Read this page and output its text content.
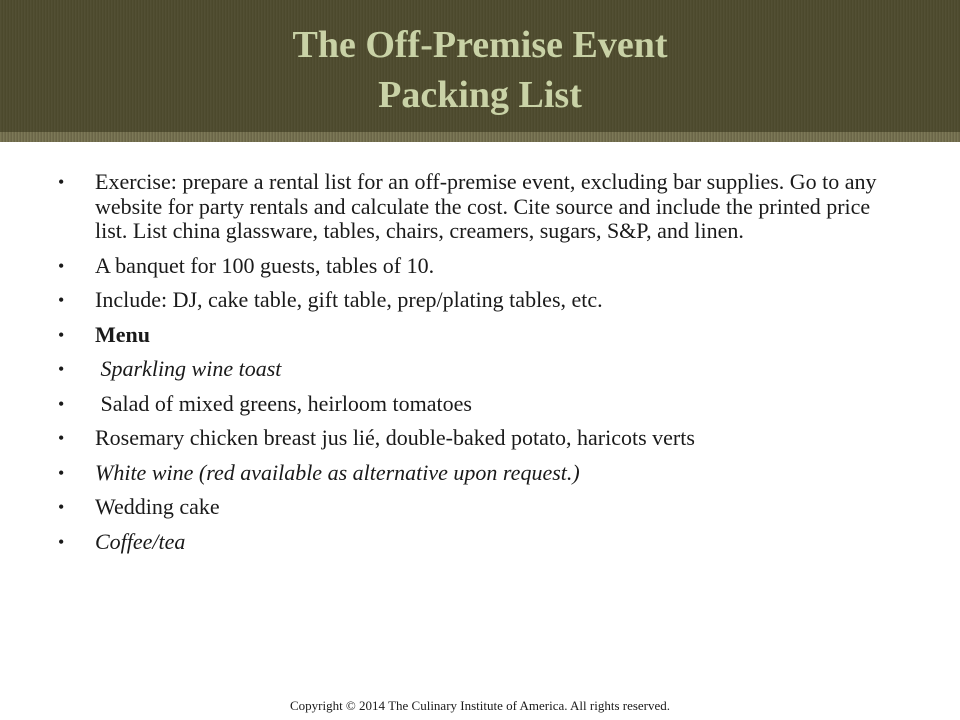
The Off-Premise Event
Packing List
• Exercise: prepare a rental list for an off-premise event, excluding bar supplies. Go to any website for party rentals and calculate the cost. Cite source and include the printed price list. List china glassware, tables, chairs, creamers, sugars, S&P, and linen.
• A banquet for 100 guests, tables of 10.
• Include: DJ, cake table, gift table, prep/plating tables, etc.
• Menu
• Sparkling wine toast
• Salad of mixed greens, heirloom tomatoes
• Rosemary chicken breast jus lié, double-baked potato, haricots verts
• White wine (red available as alternative upon request.)
• Wedding cake
• Coffee/tea
Copyright © 2014 The Culinary Institute of America. All rights reserved.
